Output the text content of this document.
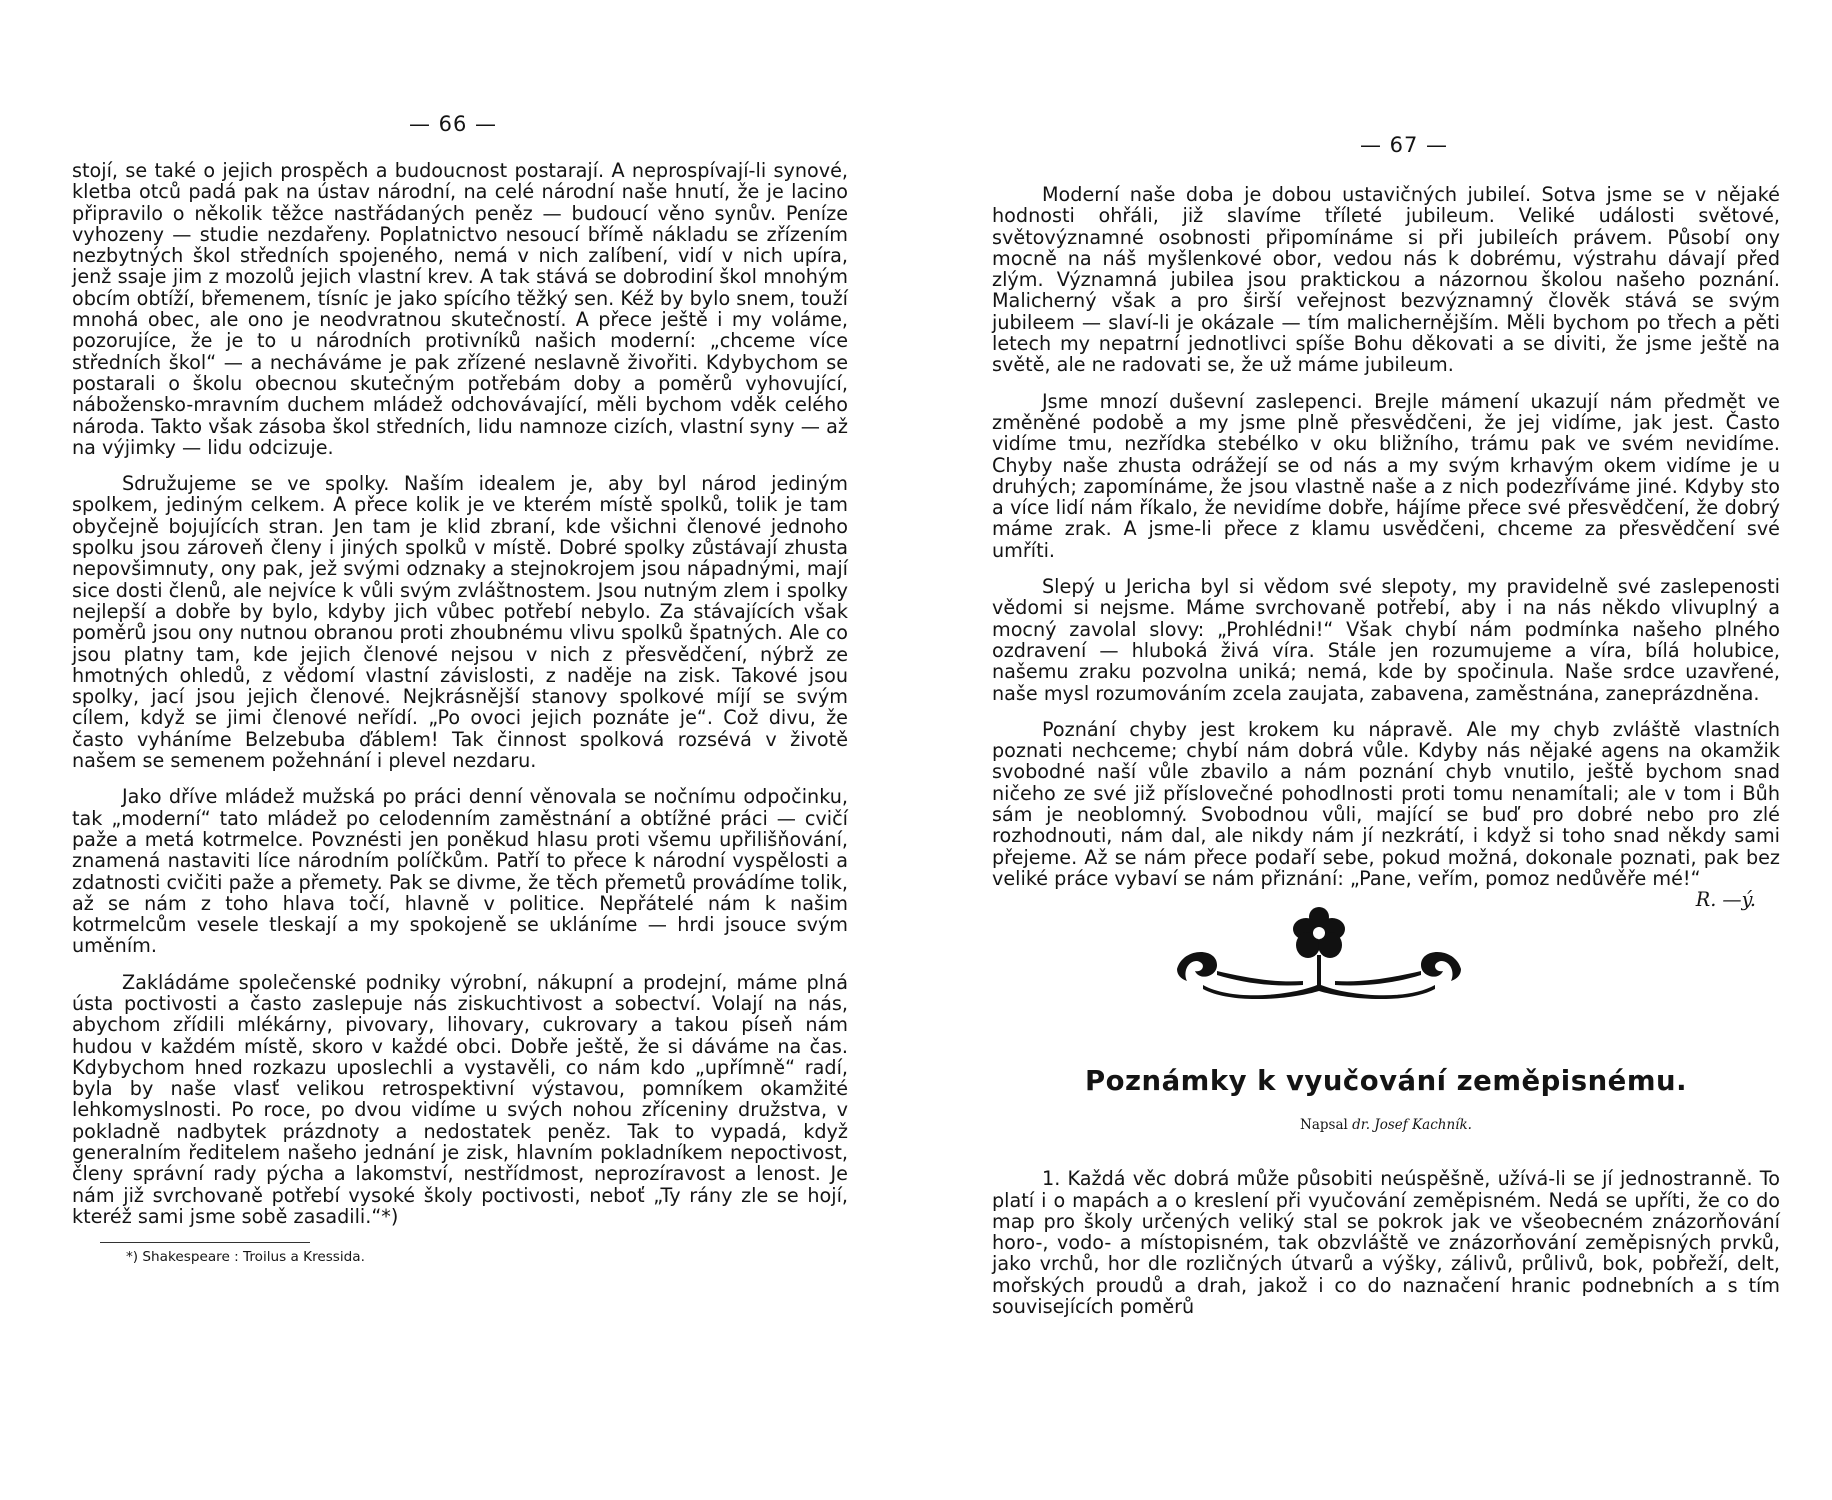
— 66 —

stojí, se také o jejich prospěch a budoucnost postarají. A neprospívají-li synové, kletba otců padá pak na ústav národní, na celé národní naše hnutí, že je lacino připravilo o několik těžce nastřádaných peněz — budoucí věno synův. Peníze vyhozeny — studie nezdařeny. Poplatnictvo nesoucí břímě nákladu se zřízením nezbytných škol středních spojeného, nemá v nich zalíbení, vidí v nich upíra, jenž ssaje jim z mozolů jejich vlastní krev. A tak stává se dobrodiní škol mnohým obcím obtíží, břemenem, tísníc je jako spícího těžký sen. Kéž by bylo snem, touží mnohá obec, ale ono je neodvratnou skutečností. A přece ještě i my voláme, pozorujíce, že je to u národních protivníků našich moderní: „chceme více středních škol“ — a necháváme je pak zřízené neslavně živořiti. Kdybychom se postarali o školu obecnou skutečným potřebám doby a poměrů vyhovující, nábožensko-mravním duchem mládež odchovávající, měli bychom vděk celého národa. Takto však zásoba škol středních, lidu namnoze cizích, vlastní syny — až na výjimky — lidu odcizuje.

Sdružujeme se ve spolky. Naším idealem je, aby byl národ jediným spolkem, jediným celkem. A přece kolik je ve kterém místě spolků, tolik je tam obyčejně bojujících stran. Jen tam je klid zbraní, kde všichni členové jednoho spolku jsou zároveň členy i jiných spolků v místě. Dobré spolky zůstávají zhusta nepovšimnuty, ony pak, jež svými odznaky a stejnokrojem jsou nápadnými, mají sice dosti členů, ale nejvíce k vůli svým zvláštnostem. Jsou nutným zlem i spolky nejlepší a dobře by bylo, kdyby jich vůbec potřebí nebylo. Za stávajících však poměrů jsou ony nutnou obranou proti zhoubnému vlivu spolků špatných. Ale co jsou platny tam, kde jejich členové nejsou v nich z přesvědčení, nýbrž ze hmotných ohledů, z vědomí vlastní závislosti, z naděje na zisk. Takové jsou spolky, jací jsou jejich členové. Nejkrásnější stanovy spolkové míjí se svým cílem, když se jimi členové neřídí. „Po ovoci jejich poznáte je“. Což divu, že často vyháníme Belzebuba ďáblem! Tak činnost spolková rozsévá v životě našem se semenem požehnání i plevel nezdaru.

Jako dříve mládež mužská po práci denní věnovala se nočnímu odpočinku, tak „moderní“ tato mládež po celodenním zaměstnání a obtížné práci — cvičí paže a metá kotrmelce. Povznésti jen poněkud hlasu proti všemu upřilišňování, znamená nastaviti líce národním políčkům. Patří to přece k národní vyspělosti a zdatnosti cvičiti paže a přemety. Pak se divme, že těch přemetů provádíme tolik, až se nám z toho hlava točí, hlavně v politice. Nepřátelé nám k našim kotrmelcům vesele tleskají a my spokojeně se ukláníme — hrdi jsouce svým uměním.

Zakládáme společenské podniky výrobní, nákupní a prodejní, máme plná ústa poctivosti a často zaslepuje nás ziskuchtivost a sobectví. Volají na nás, abychom zřídili mlékárny, pivovary, lihovary, cukrovary a takou píseň nám hudou v každém místě, skoro v každé obci. Dobře ještě, že si dáváme na čas. Kdybychom hned rozkazu uposlechli a vystavěli, co nám kdo „upřímně“ radí, byla by naše vlasť velikou retrospektivní výstavou, pomníkem okamžité lehkomyslnosti. Po roce, po dvou vidíme u svých nohou zříceniny družstva, v pokladně nadbytek prázdnoty a nedostatek peněz. Tak to vypadá, když generalním ředitelem našeho jednání je zisk, hlavním pokladníkem nepoctivost, členy správní rady pýcha a lakomství, nestřídmost, neprozíravost a lenost. Je nám již svrchovaně potřebí vysoké školy poctivosti, neboť „Ty rány zle se hojí, kteréž sami jsme sobě zasadili.“*)

*) Shakespeare : Troilus a Kressida.
— 67 —

Moderní naše doba je dobou ustavičných jubileí. Sotva jsme se v nějaké hodnosti ohřáli, již slavíme tříleté jubileum. Veliké události světové, světovýznamné osobnosti připomínáme si při jubileích právem. Působí ony mocně na náš myšlenkové obor, vedou nás k dobrému, výstrahu dávají před zlým. Významná jubilea jsou praktickou a názornou školou našeho poznání. Malicherný však a pro širší veřejnost bezvýznamný člověk stává se svým jubileem — slaví-li je okázale — tím malichernějším. Měli bychom po třech a pěti letech my nepatrní jednotlivci spíše Bohu děkovati a se diviti, že jsme ještě na světě, ale ne radovati se, že už máme jubileum.

Jsme mnozí duševní zaslepenci. Brejle mámení ukazují nám předmět ve změněné podobě a my jsme plně přesvědčeni, že jej vidíme, jak jest. Často vidíme tmu, nezřídka stebélko v oku bližního, trámu pak ve svém nevidíme. Chyby naše zhusta odrážejí se od nás a my svým krhavým okem vidíme je u druhých; zapomínáme, že jsou vlastně naše a z nich podezříváme jiné. Kdyby sto a více lidí nám říkalo, že nevidíme dobře, hájíme přece své přesvědčení, že dobrý máme zrak. A jsme-li přece z klamu usvědčeni, chceme za přesvědčení své umříti.

Slepý u Jericha byl si vědom své slepoty, my pravidelně své zaslepenosti vědomi si nejsme. Máme svrchovaně potřebí, aby i na nás někdo vlivuplný a mocný zavolal slovy: „Prohlédni!“ Však chybí nám podmínka našeho plného ozdravení — hluboká živá víra. Stále jen rozumujeme a víra, bílá holubice, našemu zraku pozvolna uniká; nemá, kde by spočinula. Naše srdce uzavřené, naše mysl rozumováním zcela zaujata, zabavena, zaměstnána, zaneprázdněna.

Poznání chyby jest krokem ku nápravě. Ale my chyb zvláště vlastních poznati nechceme; chybí nám dobrá vůle. Kdyby nás nějaké agens na okamžik svobodné naší vůle zbavilo a nám poznání chyb vnutilo, ještě bychom snad ničeho ze své již příslovečné pohodlnosti proti tomu nenamítali; ale v tom i Bůh sám je neoblomný. Svobodnou vůli, mající se buď pro dobré nebo pro zlé rozhodnouti, nám dal, ale nikdy nám jí nezkrátí, i když si toho snad někdy sami přejeme. Až se nám přece podaří sebe, pokud možná, dokonale poznati, pak bez veliké práce vybaví se nám přiznání: „Pane, veřím, pomoz nedůvěře mé!“
R. —ý.

Poznámky k vyučování zeměpisnému.
Napsal dr. Josef Kachník.

1. Každá věc dobrá může působiti neúspěšně, užívá-li se jí jednostranně. To platí i o mapách a o kreslení při vyučování zeměpisném. Nedá se upříti, že co do map pro školy určených veliký stal se pokrok jak ve všeobecném znázorňování horo-, vodo- a místopisném, tak obzvláště ve znázorňování zeměpisných prvků, jako vrchů, hor dle rozličných útvarů a výšky, zálivů, průlivů, bok, pobřeží, delt, mořských proudů a drah, jakož i co do naznačení hranic podnebních a s tím souvisejících poměrů
